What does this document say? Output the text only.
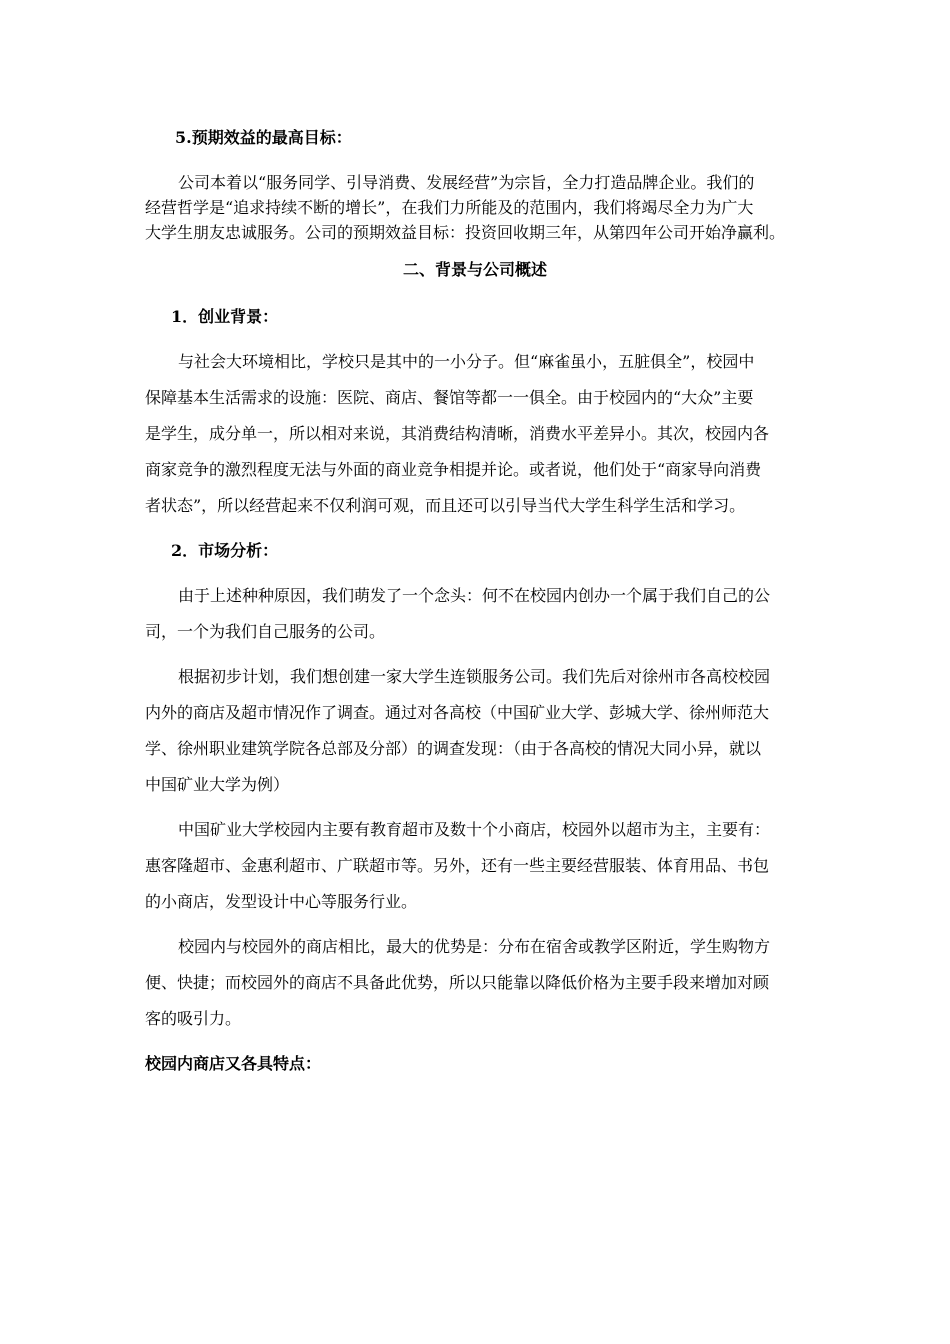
5.预期效益的最高目标：
公司本着以“服务同学、引导消费、发展经营”为宗旨，全力打造品牌企业。我们的
经营哲学是“追求持续不断的增长”，在我们力所能及的范围内，我们将竭尽全力为广大
大学生朋友忠诚服务。公司的预期效益目标：投资回收期三年，从第四年公司开始净赢利。
二、背景与公司概述
1．创业背景：
与社会大环境相比，学校只是其中的一小分子。但“麻雀虽小，五脏俱全”，校园中
保障基本生活需求的设施：医院、商店、餐馆等都一一俱全。由于校园内的“大众”主要
是学生，成分单一，所以相对来说，其消费结构清晰，消费水平差异小。其次，校园内各
商家竞争的激烈程度无法与外面的商业竞争相提并论。或者说，他们处于“商家导向消费
者状态”，所以经营起来不仅利润可观，而且还可以引导当代大学生科学生活和学习。
2．市场分析：
由于上述种种原因，我们萌发了一个念头：何不在校园内创办一个属于我们自己的公
司，一个为我们自己服务的公司。
根据初步计划，我们想创建一家大学生连锁服务公司。我们先后对徐州市各高校校园
内外的商店及超市情况作了调查。通过对各高校（中国矿业大学、彭城大学、徐州师范大
学、徐州职业建筑学院各总部及分部）的调查发现：（由于各高校的情况大同小异，就以
中国矿业大学为例）
中国矿业大学校园内主要有教育超市及数十个小商店，校园外以超市为主，主要有：
惠客隆超市、金惠利超市、广联超市等。另外，还有一些主要经营服装、体育用品、书包
的小商店，发型设计中心等服务行业。
校园内与校园外的商店相比，最大的优势是：分布在宿舍或教学区附近，学生购物方
便、快捷；而校园外的商店不具备此优势，所以只能靠以降低价格为主要手段来增加对顾
客的吸引力。
校园内商店又各具特点：
